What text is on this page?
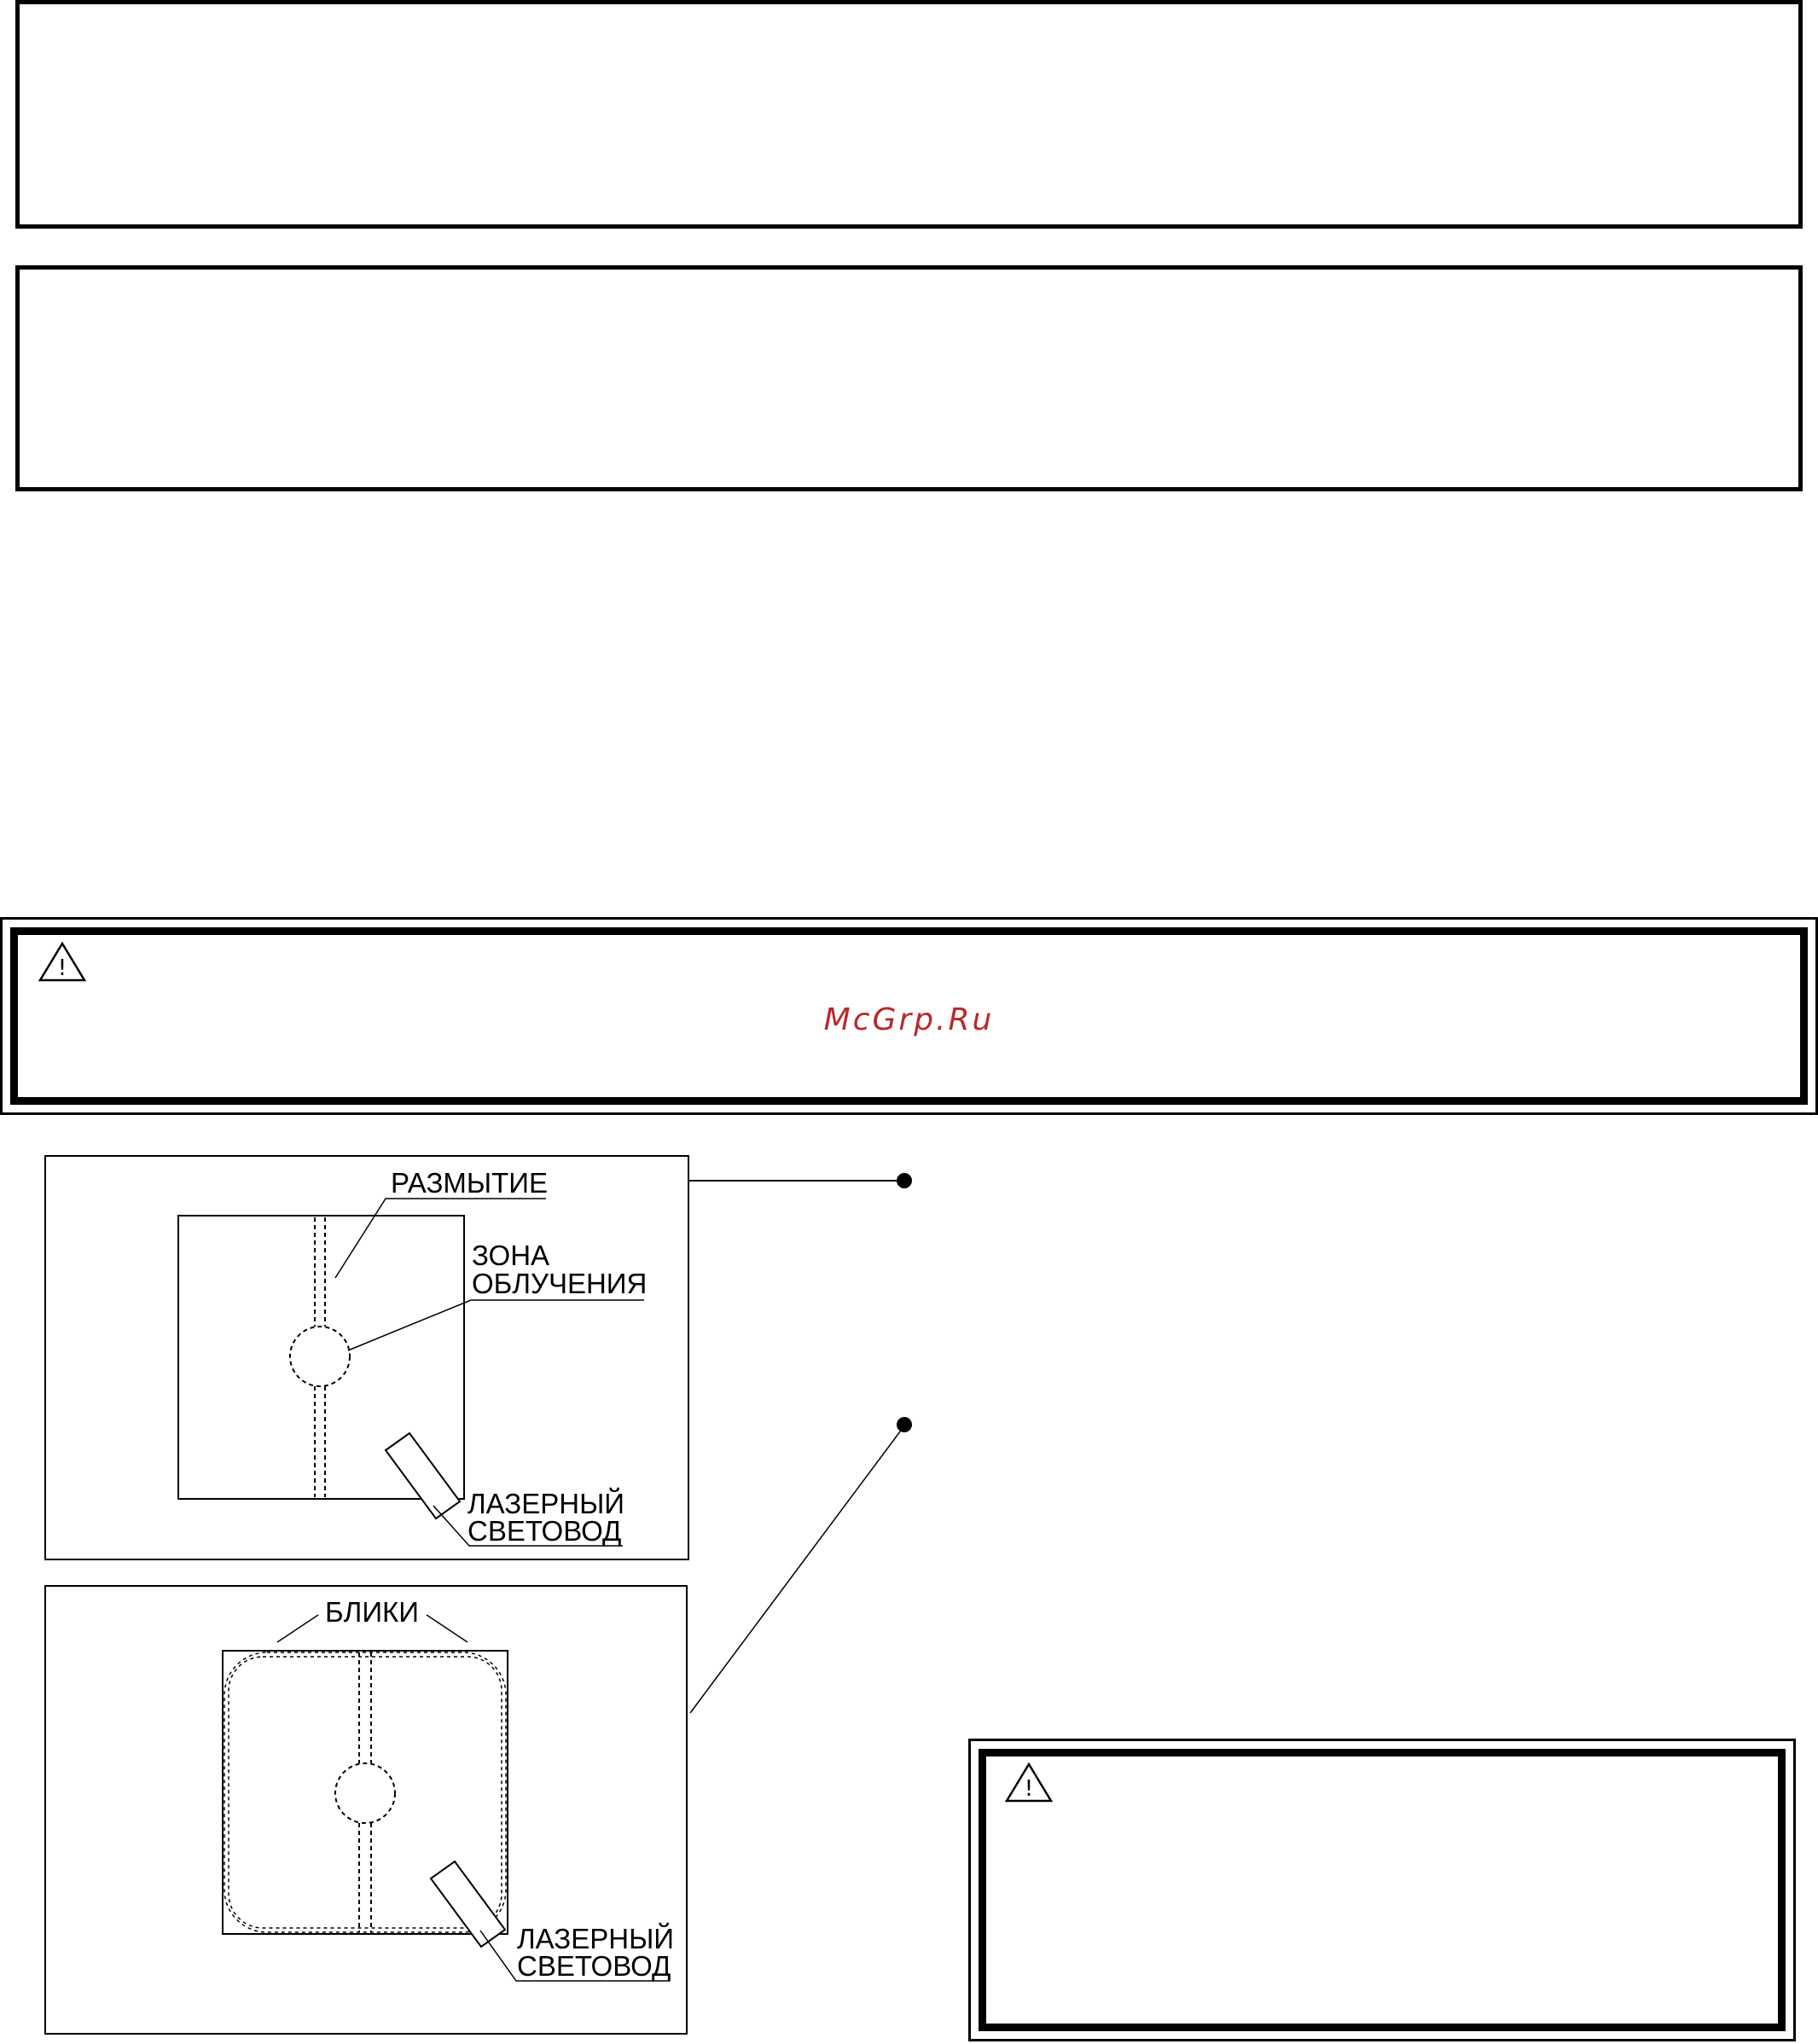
!
McGrp.Ru
!
РАЗМЫТИЕ
ЗОНА
ОБЛУЧЕНИЯ
ЛАЗЕРНЫЙ
СВЕТОВОД
БЛИКИ
ЛАЗЕРНЫЙ
СВЕТОВОД
